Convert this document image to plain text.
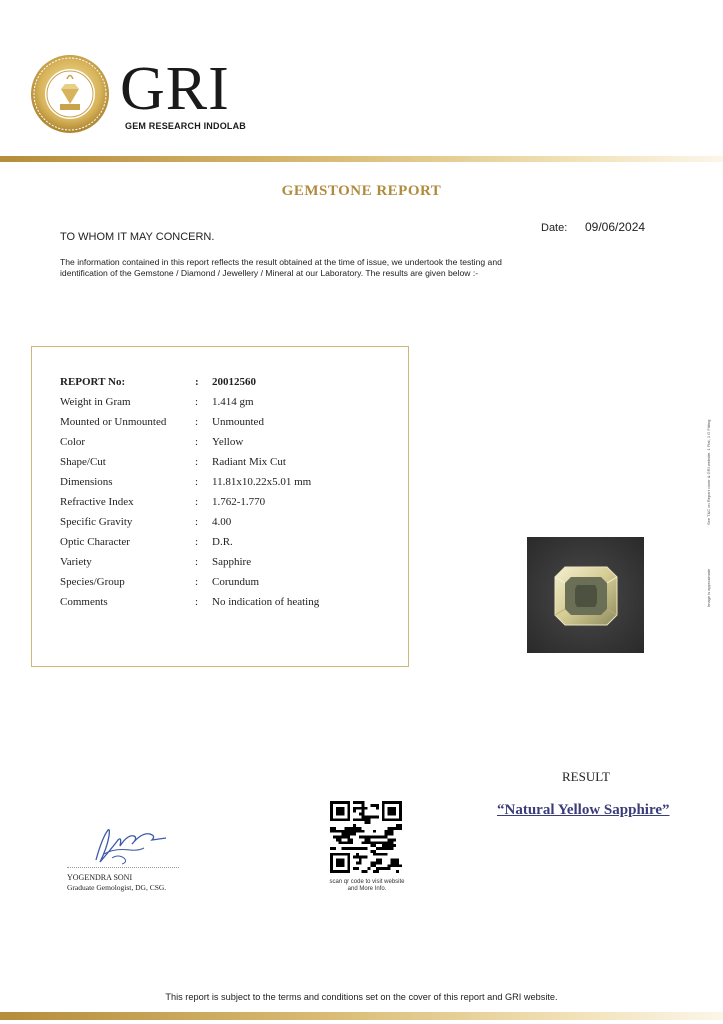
GRI
GEM RESEARCH INDOLAB
GEMSTONE REPORT
Date: 09/06/2024
TO WHOM IT MAY CONCERN.
The information contained in this report reflects the result obtained at the time of issue, we undertook the testing and
identification of the Gemstone / Diamond / Jewellery / Mineral at our Laboratory. The results are given below :-
REPORT No:	: 20012560
Weight in Gram	: 1.414 gm
Mounted or Unmounted	: Unmounted
Color	: Yellow
Shape/Cut	: Radiant Mix Cut
Dimensions	: 11.81x10.22x5.01 mm
Refractive Index	: 1.762-1.770
Specific Gravity	: 4.00
Optic Character	: D.R.
Variety	: Sapphire
Species/Group	: Corundum
Comments	: No indication of heating
See T&C on Report cover & GRI website. 1 Flat, 1 G Fitting
Image is approximate
RESULT
“Natural Yellow Sapphire”
scan qr code to visit website
and More Info.
YOGENDRA SONI
Graduate Gemologist, DG, CSG.
This report is subject to the terms and conditions set on the cover of this report and GRI website.
